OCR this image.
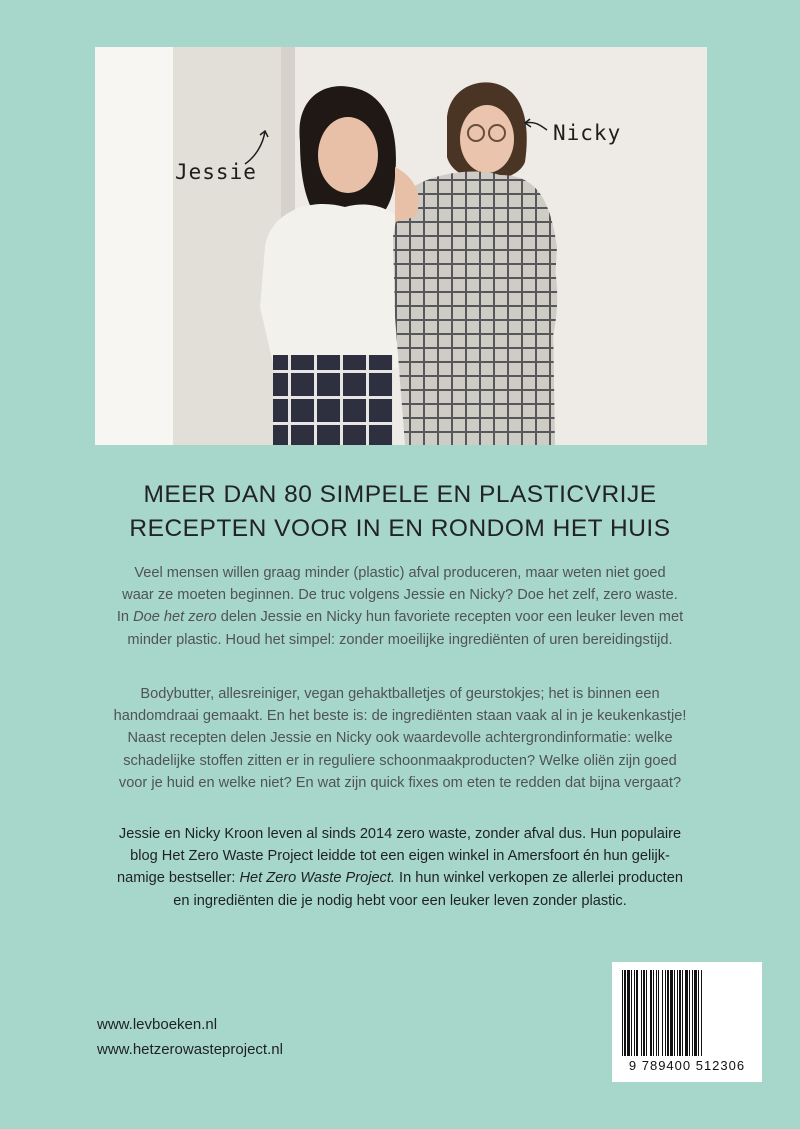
Jessie
Nicky
MEER DAN 80 SIMPELE EN PLASTICVRIJE
RECEPTEN VOOR IN EN RONDOM HET HUIS

Veel mensen willen graag minder (plastic) afval produceren, maar weten niet goed
waar ze moeten beginnen. De truc volgens Jessie en Nicky? Doe het zelf, zero waste.
In Doe het zero delen Jessie en Nicky hun favoriete recepten voor een leuker leven met
minder plastic. Houd het simpel: zonder moeilijke ingrediënten of uren bereidingstijd.

Bodybutter, allesreiniger, vegan gehaktballetjes of geurstokjes; het is binnen een
handomdraai gemaakt. En het beste is: de ingrediënten staan vaak al in je keukenkastje!
Naast recepten delen Jessie en Nicky ook waardevolle achtergrondinformatie: welke
schadelijke stoffen zitten er in reguliere schoonmaakproducten? Welke oliën zijn goed
voor je huid en welke niet? En wat zijn quick fixes om eten te redden dat bijna vergaat?

Jessie en Nicky Kroon leven al sinds 2014 zero waste, zonder afval dus. Hun populaire
blog Het Zero Waste Project leidde tot een eigen winkel in Amersfoort én hun gelijk-
namige bestseller: Het Zero Waste Project. In hun winkel verkopen ze allerlei producten
en ingrediënten die je nodig hebt voor een leuker leven zonder plastic.

www.levboeken.nl
www.hetzerowasteproject.nl
9 789400 512306
